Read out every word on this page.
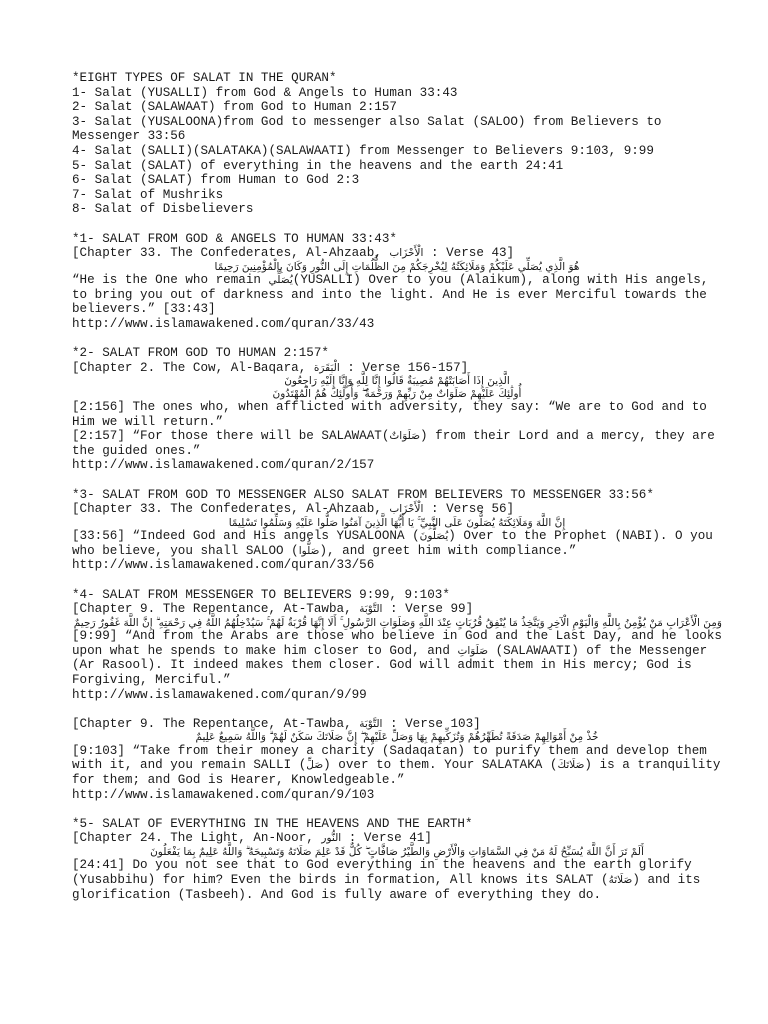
*EIGHT TYPES OF SALAT IN THE QURAN*
1- Salat (YUSALLI) from God & Angels to Human 33:43
2- Salat (SALAWAAT) from God to Human 2:157
3- Salat (YUSALOONA)from God to messenger also Salat (SALOO) from Believers to Messenger 33:56
4- Salat (SALLI)(SALATAKA)(SALAWAATI) from Messenger to Believers 9:103, 9:99
5- Salat (SALAT) of everything in the heavens and the earth 24:41
6- Salat (SALAT) from Human to God 2:3
7- Salat of Mushriks
8- Salat of Disbelievers
*1- SALAT FROM GOD & ANGELS TO HUMAN 33:43*
[Chapter 33. The Confederates, Al-Ahzaab, الْأَحْزَاب : Verse 43]
هُوَ الَّذِي يُصَلِّي عَلَيْكُمْ وَمَلَائِكَتُهُ لِيُخْرِجَكُمْ مِنَ الظُّلُمَاتِ إِلَى النُّورِ وَكَانَ بِالْمُؤْمِنِينَ رَحِيمًا
“He is the One who remain يُصَلِّي(YUSALLI) Over to you (Alaikum), along with His angels, to bring you out of darkness and into the light. And He is ever Merciful towards the believers.” [33:43]
http://www.islamawakened.com/quran/33/43
*2- SALAT FROM GOD TO HUMAN 2:157*
[Chapter 2. The Cow, Al-Baqara, الْبَقَرَة : Verse 156-157]
الَّذِينَ إِذَا أَصَابَتْهُمْ مُصِيبَةٌ قَالُوا إِنَّا لِلَّهِ وَإِنَّا إِلَيْهِ رَاجِعُونَ
أُولَٰئِكَ عَلَيْهِمْ صَلَوَاتٌ مِنْ رَبِّهِمْ وَرَحْمَةٌ ۖ وَأُولَٰئِكَ هُمُ الْمُهْتَدُونَ
[2:156] The ones who, when afflicted with adversity, they say: “We are to God and to Him we will return.”
[2:157] “For those there will be SALAWAAT(صَلَوَاتٌ) from their Lord and a mercy, they are the guided ones.”
http://www.islamawakened.com/quran/2/157
*3- SALAT FROM GOD TO MESSENGER ALSO SALAT FROM BELIEVERS TO MESSENGER 33:56*
[Chapter 33. The Confederates, Al-Ahzaab, الْأَحْزَاب : Verse 56]
إِنَّ اللَّهَ وَمَلَائِكَتَهُ يُصَلُّونَ عَلَى النَّبِيِّ ۚ يَا أَيُّهَا الَّذِينَ آمَنُوا صَلُّوا عَلَيْهِ وَسَلِّمُوا تَسْلِيمًا
[33:56] “Indeed God and His angels YUSALOONA (يُصَلُّونَ) Over to the Prophet (NABI). O you who believe, you shall SALOO (صَلُّوا), and greet him with compliance.”
http://www.islamawakened.com/quran/33/56
*4- SALAT FROM MESSENGER TO BELIEVERS 9:99, 9:103*
[Chapter 9. The Repentance, At-Tawba, التَّوْبَة : Verse 99]
وَمِنَ الْأَعْرَابِ مَنْ يُؤْمِنُ بِاللَّهِ وَالْيَوْمِ الْآخِرِ وَيَتَّخِذُ مَا يُنْفِقُ قُرُبَاتٍ عِنْدَ اللَّهِ وَصَلَوَاتِ الرَّسُولِ ۚ أَلَا إِنَّهَا قُرْبَةٌ لَهُمْ ۚ سَيُدْخِلُهُمُ اللَّهُ فِي رَحْمَتِهِ ۗ إِنَّ اللَّهَ غَفُورٌ رَحِيمٌ
[9:99] “And from the Arabs are those who believe in God and the Last Day, and he looks upon what he spends to make him closer to God, and صَلَوَاتِ (SALAWAATI) of the Messenger (Ar Rasool). It indeed makes them closer. God will admit them in His mercy; God is Forgiving, Merciful.”
http://www.islamawakened.com/quran/9/99
[Chapter 9. The Repentance, At-Tawba, التَّوْبَة : Verse 103]
خُذْ مِنْ أَمْوَالِهِمْ صَدَقَةً تُطَهِّرُهُمْ وَتُزَكِّيهِمْ بِهَا وَصَلِّ عَلَيْهِمْ ۖ إِنَّ صَلَاتَكَ سَكَنٌ لَهُمْ ۗ وَاللَّهُ سَمِيعٌ عَلِيمٌ
[9:103] “Take from their money a charity (Sadaqatan) to purify them and develop them with it, and you remain SALLI (صَلِّ) over to them. Your SALATAKA (صَلَاتَكَ) is a tranquility for them; and God is Hearer, Knowledgeable.”
http://www.islamawakened.com/quran/9/103
*5- SALAT OF EVERYTHING IN THE HEAVENS AND THE EARTH*
[Chapter 24. The Light, An-Noor, النُّور : Verse 41]
أَلَمْ تَرَ أَنَّ اللَّهَ يُسَبِّحُ لَهُ مَنْ فِي السَّمَاوَاتِ وَالْأَرْضِ وَالطَّيْرُ صَافَّاتٍ ۖ كُلٌّ قَدْ عَلِمَ صَلَاتَهُ وَتَسْبِيحَهُ ۗ وَاللَّهُ عَلِيمٌ بِمَا يَفْعَلُونَ
[24:41] Do you not see that to God everything in the heavens and the earth glorify (Yusabbihu) for him? Even the birds in formation, All knows its SALAT (صَلَاتَهُ) and its glorification (Tasbeeh). And God is fully aware of everything they do.
